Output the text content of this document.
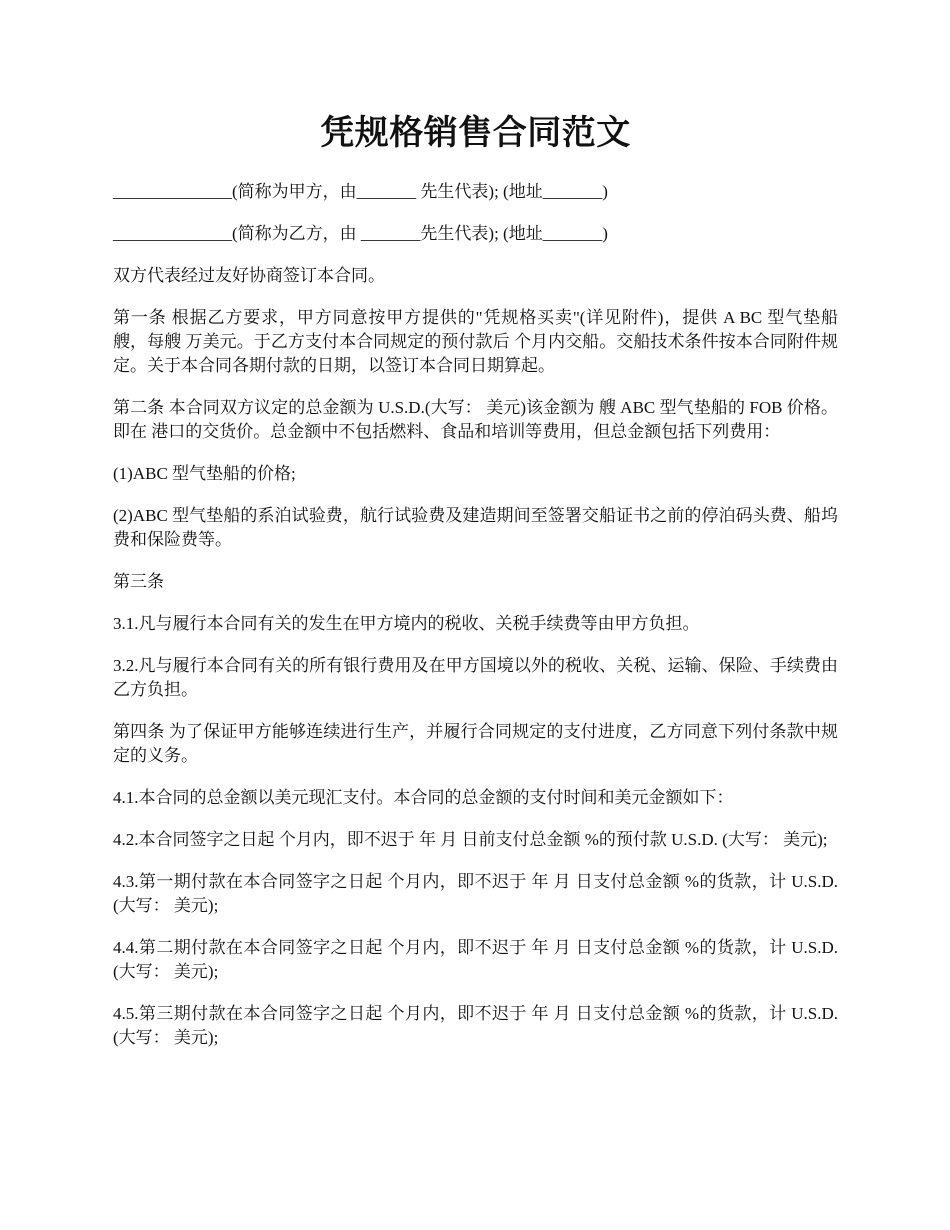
凭规格销售合同范文

______________(简称为甲方，由_______ 先生代表); (地址_______)

______________(简称为乙方，由 _______先生代表); (地址_______)

双方代表经过友好协商签订本合同。

第一条 根据乙方要求，甲方同意按甲方提供的"凭规格买卖"(详见附件)，提供 A BC 型气垫船 艘，每艘 万美元。于乙方支付本合同规定的预付款后 个月内交船。交船技术条件按本合同附件规定。关于本合同各期付款的日期，以签订本合同日期算起。

第二条 本合同双方议定的总金额为 U.S.D.(大写： 美元)该金额为 艘 ABC 型气垫船的 FOB 价格。即在 港口的交货价。总金额中不包括燃料、食品和培训等费用，但总金额包括下列费用：

(1)ABC 型气垫船的价格;

(2)ABC 型气垫船的系泊试验费，航行试验费及建造期间至签署交船证书之前的停泊码头费、船坞费和保险费等。

第三条

3.1.凡与履行本合同有关的发生在甲方境内的税收、关税手续费等由甲方负担。

3.2.凡与履行本合同有关的所有银行费用及在甲方国境以外的税收、关税、运输、保险、手续费由乙方负担。

第四条 为了保证甲方能够连续进行生产，并履行合同规定的支付进度，乙方同意下列付条款中规定的义务。

4.1.本合同的总金额以美元现汇支付。本合同的总金额的支付时间和美元金额如下：

4.2.本合同签字之日起 个月内，即不迟于 年 月 日前支付总金额 %的预付款 U.S.D. (大写： 美元);

4.3.第一期付款在本合同签字之日起 个月内，即不迟于 年 月 日支付总金额 %的货款，计 U.S.D. (大写： 美元);

4.4.第二期付款在本合同签字之日起 个月内，即不迟于 年 月 日支付总金额 %的货款，计 U.S.D. (大写： 美元);

4.5.第三期付款在本合同签字之日起 个月内，即不迟于 年 月 日支付总金额 %的货款，计 U.S.D. (大写： 美元);
